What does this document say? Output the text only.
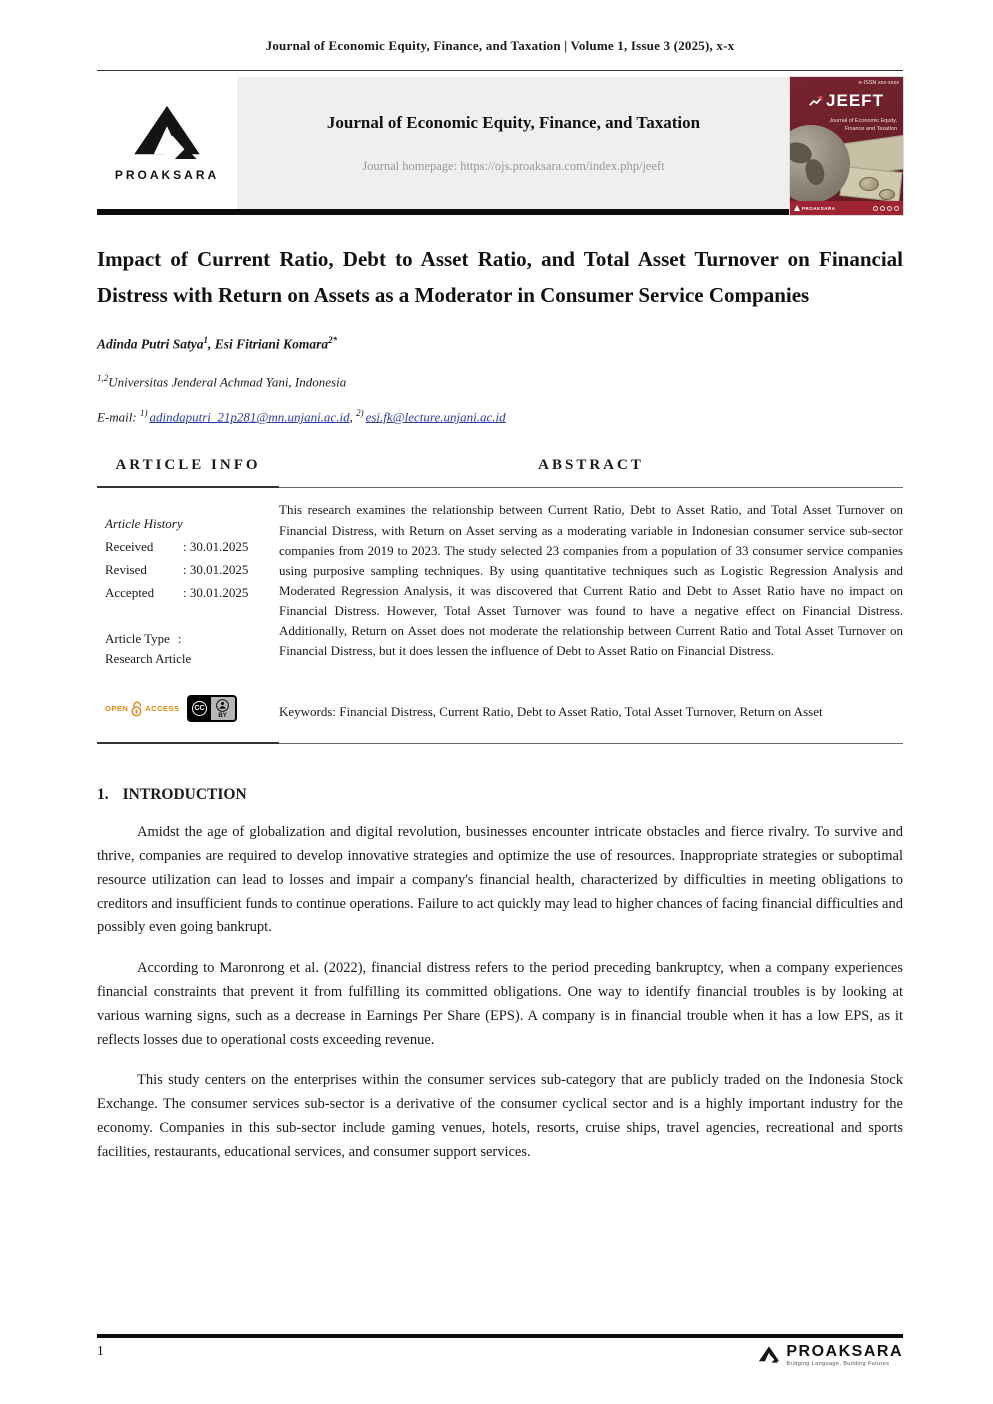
Journal of Economic Equity, Finance, and Taxation | Volume 1, Issue 3 (2025), x-x
PROAKSARA
Journal of Economic Equity, Finance, and Taxation
Journal homepage: https://ojs.proaksara.com/index.php/jeeft
e-ISSN xxx-xxxx
JEEFT
Journal of Economic Equity, Finance and Taxation
PROAKSARA
Impact of Current Ratio, Debt to Asset Ratio, and Total Asset Turnover on Financial Distress with Return on Assets as a Moderator in Consumer Service Companies
Adinda Putri Satya$^1$, Esi Fitriani Komara$^{2*}$
$^{1,2}$Universitas Jenderal Achmad Yani, Indonesia
E-mail: $^{1)}$ adindaputri_21p281@mn.unjani.ac.id, $^{2)}$ esi.fk@lecture.unjani.ac.id
ARTICLE INFO	ABSTRACT
Article History
Received	: 30.01.2025
Revised	: 30.01.2025
Accepted	: 30.01.2025
Article Type :
Research Article
OPEN ACCESS	CC
BY
This research examines the relationship between Current Ratio, Debt to Asset Ratio, and Total Asset Turnover on Financial Distress, with Return on Asset serving as a moderating variable in Indonesian consumer service sub-sector companies from 2019 to 2023. The study selected 23 companies from a population of 33 consumer service companies using purposive sampling techniques. By using quantitative techniques such as Logistic Regression Analysis and Moderated Regression Analysis, it was discovered that Current Ratio and Debt to Asset Ratio have no impact on Financial Distress. However, Total Asset Turnover was found to have a negative effect on Financial Distress. Additionally, Return on Asset does not moderate the relationship between Current Ratio and Total Asset Turnover on Financial Distress, but it does lessen the influence of Debt to Asset Ratio on Financial Distress.
Keywords: Financial Distress, Current Ratio, Debt to Asset Ratio, Total Asset Turnover, Return on Asset
1. INTRODUCTION

Amidst the age of globalization and digital revolution, businesses encounter intricate obstacles and fierce rivalry. To survive and thrive, companies are required to develop innovative strategies and optimize the use of resources. Inappropriate strategies or suboptimal resource utilization can lead to losses and impair a company's financial health, characterized by difficulties in meeting obligations to creditors and insufficient funds to continue operations. Failure to act quickly may lead to higher chances of facing financial difficulties and possibly even going bankrupt.

According to Maronrong et al. (2022), financial distress refers to the period preceding bankruptcy, when a company experiences financial constraints that prevent it from fulfilling its committed obligations. One way to identify financial troubles is by looking at various warning signs, such as a decrease in Earnings Per Share (EPS). A company is in financial trouble when it has a low EPS, as it reflects losses due to operational costs exceeding revenue.

This study centers on the enterprises within the consumer services sub-category that are publicly traded on the Indonesia Stock Exchange. The consumer services sub-sector is a derivative of the consumer cyclical sector and is a highly important industry for the economy. Companies in this sub-sector include gaming venues, hotels, resorts, cruise ships, travel agencies, recreational and sports facilities, restaurants, educational services, and consumer support services.

1	PROAKSARA
Bridging Language, Building Futures
